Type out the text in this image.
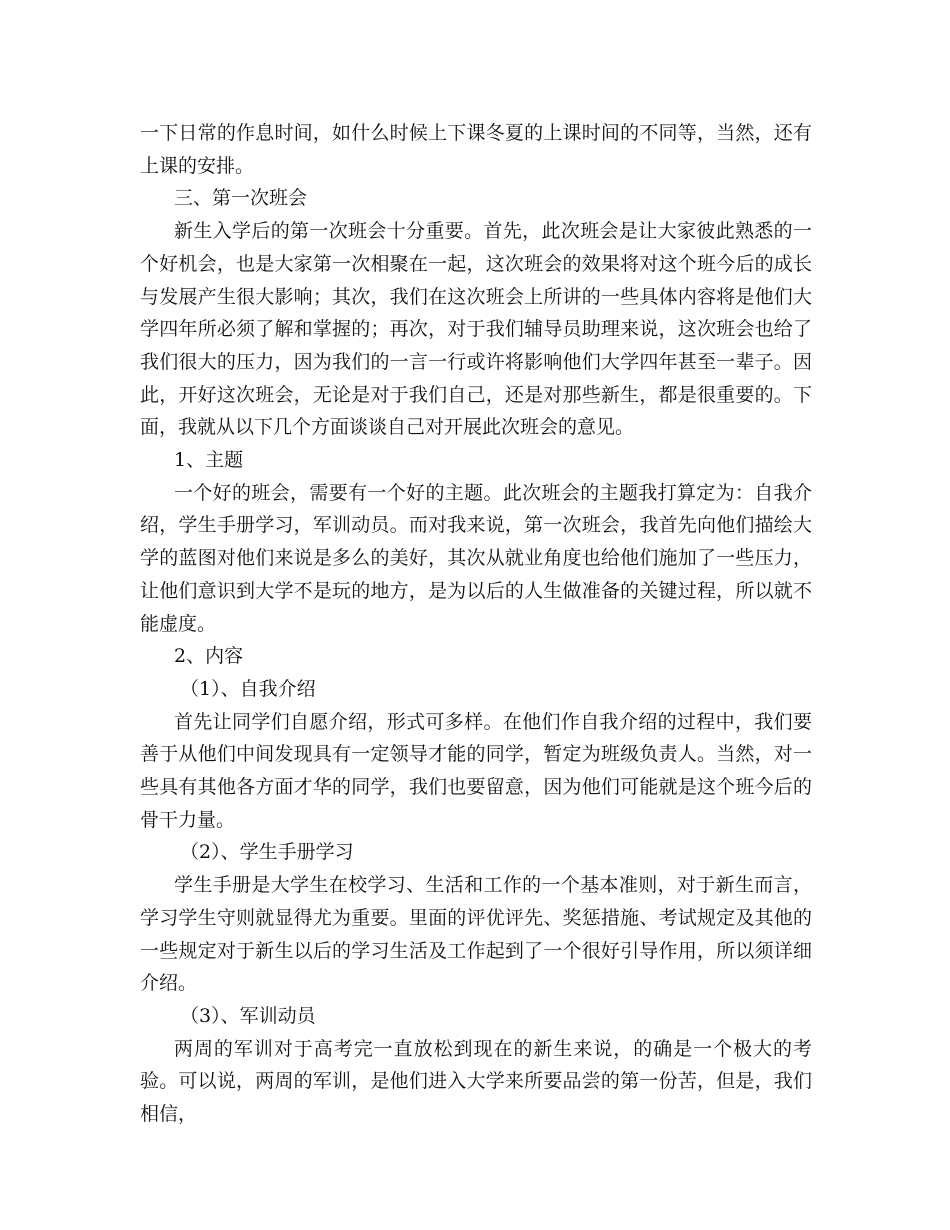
一下日常的作息时间，如什么时候上下课冬夏的上课时间的不同等，当然，还有上课的安排。

三、第一次班会

新生入学后的第一次班会十分重要。首先，此次班会是让大家彼此熟悉的一个好机会，也是大家第一次相聚在一起，这次班会的效果将对这个班今后的成长与发展产生很大影响；其次，我们在这次班会上所讲的一些具体内容将是他们大学四年所必须了解和掌握的；再次，对于我们辅导员助理来说，这次班会也给了我们很大的压力，因为我们的一言一行或许将影响他们大学四年甚至一辈子。因此，开好这次班会，无论是对于我们自己，还是对那些新生，都是很重要的。下面，我就从以下几个方面谈谈自己对开展此次班会的意见。

1、主题

一个好的班会，需要有一个好的主题。此次班会的主题我打算定为：自我介绍，学生手册学习，军训动员。而对我来说，第一次班会，我首先向他们描绘大学的蓝图对他们来说是多么的美好，其次从就业角度也给他们施加了一些压力，让他们意识到大学不是玩的地方，是为以后的人生做准备的关键过程，所以就不能虚度。

2、内容

（1）、自我介绍

首先让同学们自愿介绍，形式可多样。在他们作自我介绍的过程中，我们要善于从他们中间发现具有一定领导才能的同学，暂定为班级负责人。当然，对一些具有其他各方面才华的同学，我们也要留意，因为他们可能就是这个班今后的骨干力量。

（2）、学生手册学习

学生手册是大学生在校学习、生活和工作的一个基本准则，对于新生而言，学习学生守则就显得尤为重要。里面的评优评先、奖惩措施、考试规定及其他的一些规定对于新生以后的学习生活及工作起到了一个很好引导作用，所以须详细介绍。

（3）、军训动员

两周的军训对于高考完一直放松到现在的新生来说，的确是一个极大的考验。可以说，两周的军训，是他们进入大学来所要品尝的第一份苦，但是，我们相信，
